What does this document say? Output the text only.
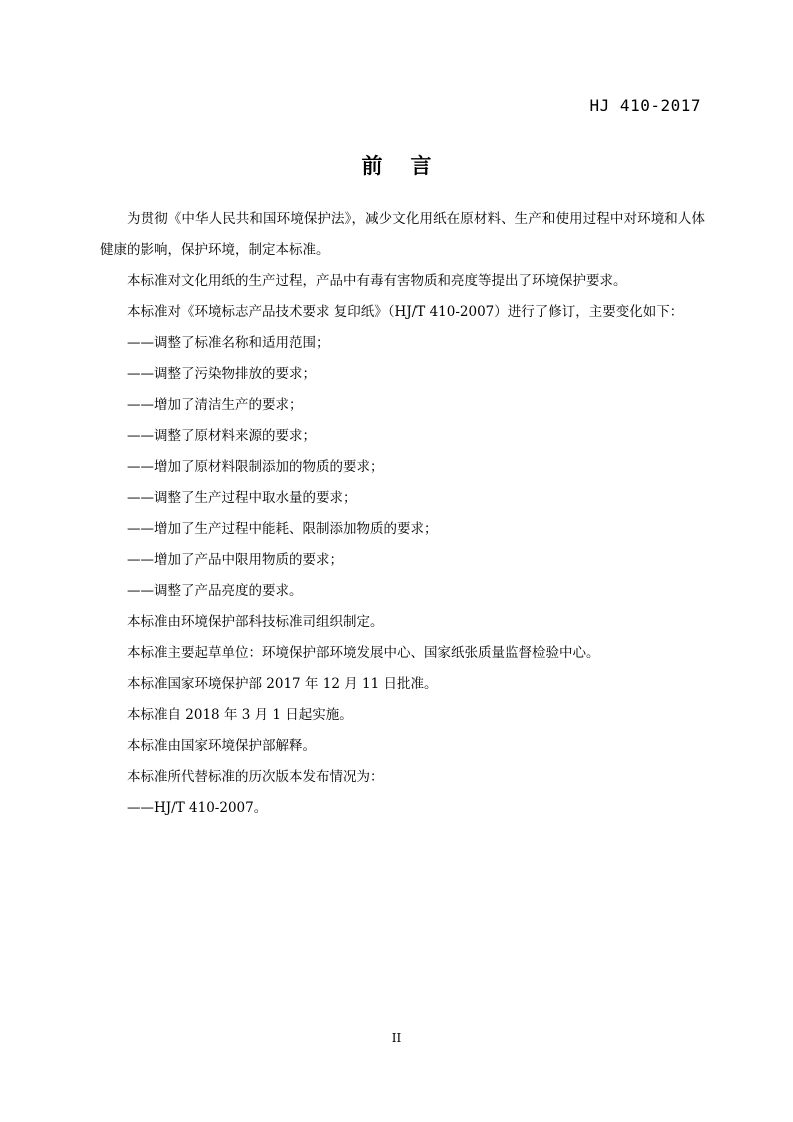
HJ 410-2017
前言

为贯彻《中华人民共和国环境保护法》，减少文化用纸在原材料、生产和使用过程中对环境和人体健康的影响，保护环境，制定本标准。

本标准对文化用纸的生产过程，产品中有毒有害物质和亮度等提出了环境保护要求。

本标准对《环境标志产品技术要求 复印纸》（HJ/T 410-2007）进行了修订，主要变化如下：

——调整了标准名称和适用范围；

——调整了污染物排放的要求；

——增加了清洁生产的要求；

——调整了原材料来源的要求；

——增加了原材料限制添加的物质的要求；

——调整了生产过程中取水量的要求；

——增加了生产过程中能耗、限制添加物质的要求；

——增加了产品中限用物质的要求；

——调整了产品亮度的要求。

本标准由环境保护部科技标准司组织制定。

本标准主要起草单位：环境保护部环境发展中心、国家纸张质量监督检验中心。

本标准国家环境保护部 2017 年 12 月 11 日批准。

本标准自 2018 年 3 月 1 日起实施。

本标准由国家环境保护部解释。

本标准所代替标准的历次版本发布情况为：

——HJ/T 410-2007。

II
